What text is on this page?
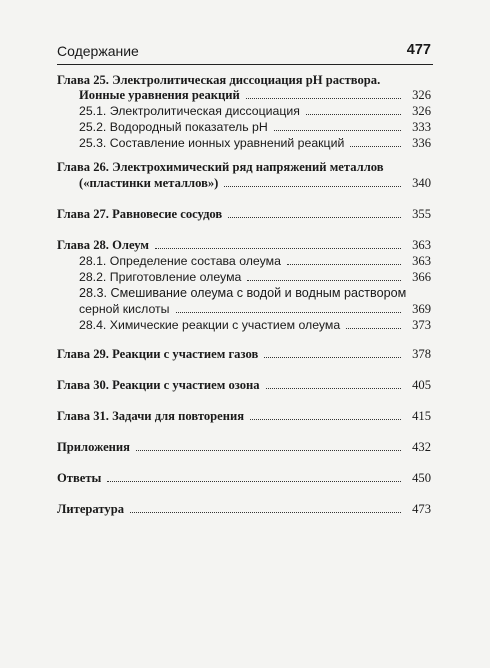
Содержание	477
Глава 25. Электролитическая диссоциация pH раствора.
Ионные уравнения реакций	326
25.1. Электролитическая диссоциация	326
25.2. Водородный показатель pH	333
25.3. Составление ионных уравнений реакций	336
Глава 26. Электрохимический ряд напряжений металлов
(«пластинки металлов»)	340
Глава 27. Равновесие сосудов	355
Глава 28. Олеум	363
28.1. Определение состава олеума	363
28.2. Приготовление олеума	366
28.3. Смешивание олеума с водой и водным раствором
серной кислоты	369
28.4. Химические реакции с участием олеума	373
Глава 29. Реакции с участием газов	378
Глава 30. Реакции с участием озона	405
Глава 31. Задачи для повторения	415
Приложения	432
Ответы	450
Литература	473
